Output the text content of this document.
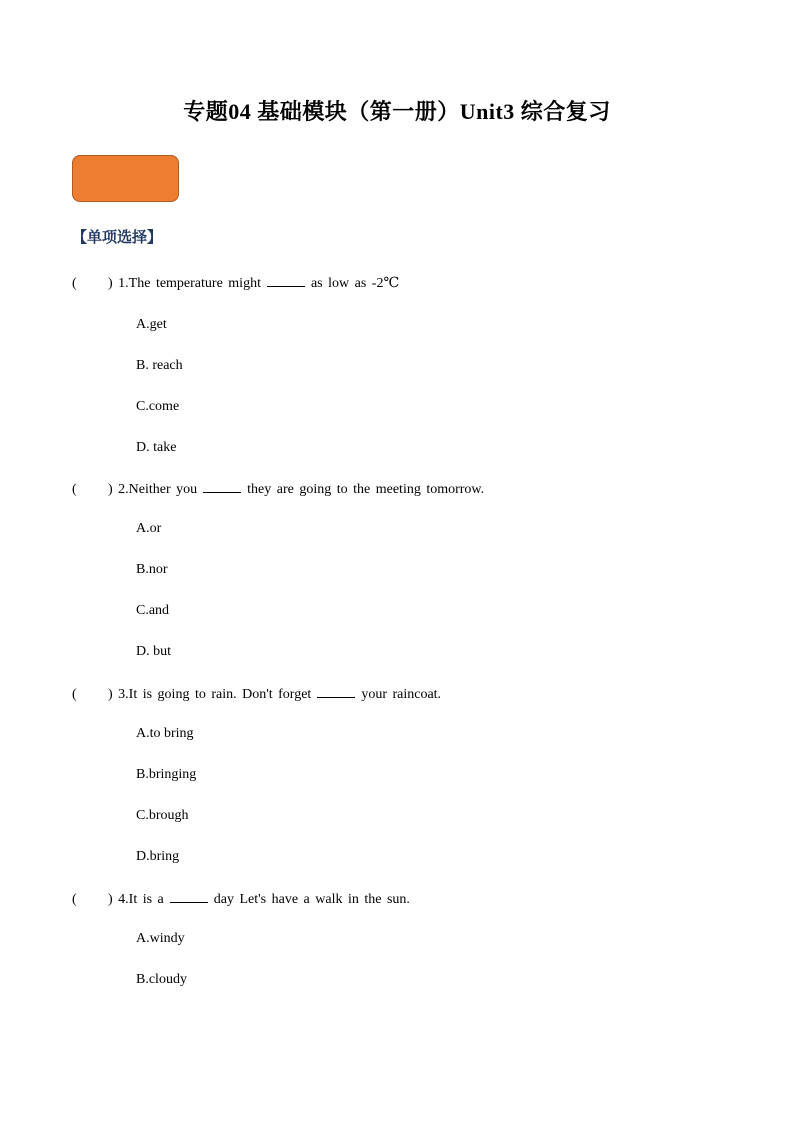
专题04 基础模块（第一册）Unit3 综合复习
【单项选择】
( ) 1.The temperature might	as low as -2℃
A.get
B. reach
C.come
D. take
( ) 2.Neither you	they are going to the meeting tomorrow.
A.or
B.nor
C.and
D. but
( ) 3.It is going to rain. Don't forget	your raincoat.
A.to bring
B.bringing
C.brough
D.bring
( ) 4.It is a	day Let's have a walk in the sun.
A.windy
B.cloudy
